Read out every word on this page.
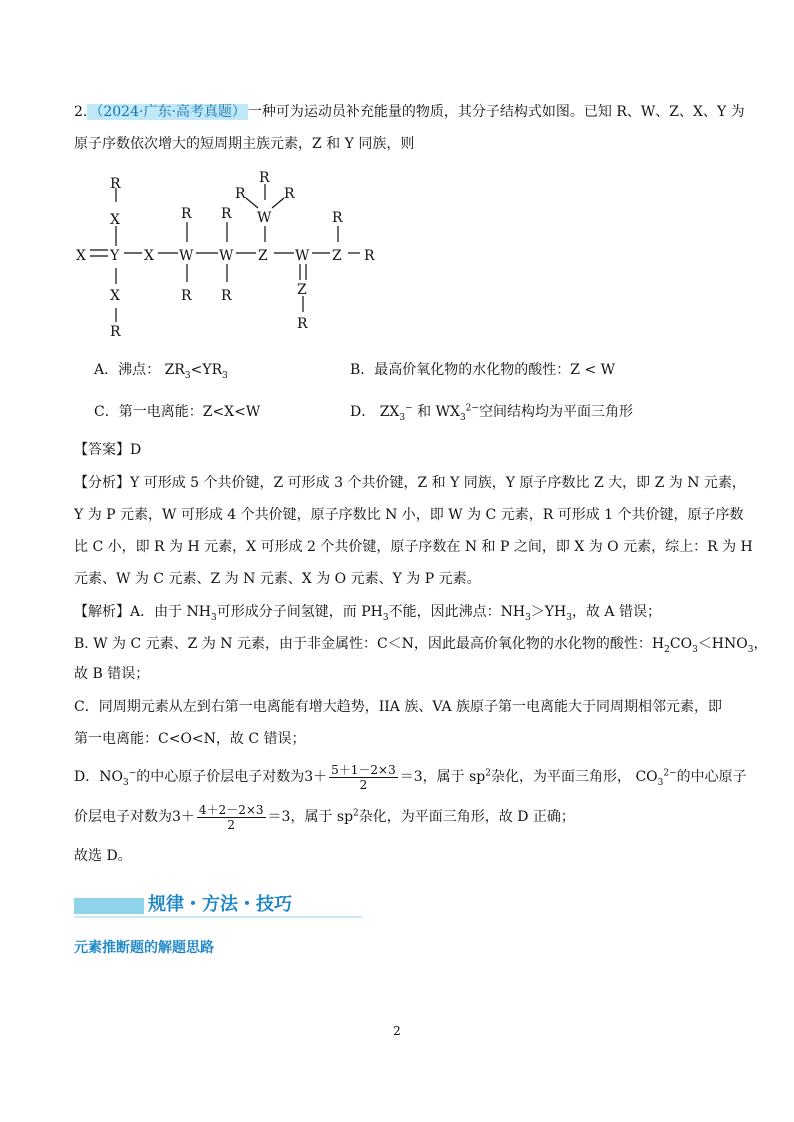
2. （2024·广东·高考真题） 一种可为运动员补充能量的物质，其分子结构式如图。已知 R、W、Z、X、Y 为
原子序数依次增大的短周期主族元素，Z 和 Y 同族，则
R
X
Y
X
R
X	X
R
W
R
R
W
R
R
R	R
W
Z W
Z
R
Z
R
R
A．沸点： $ZR_3<YR_3$	B．最高价氧化物的水化物的酸性：Z < W
C．第一电离能：Z<X<W	D． $ZX_3^-$ 和 $WX_3^{2-}$空间结构均为平面三角形
【答案】D
【分析】Y 可形成 5 个共价键，Z 可形成 3 个共价键，Z 和 Y 同族，Y 原子序数比 Z 大，即 Z 为 N 元素，
Y 为 P 元素，W 可形成 4 个共价键，原子序数比 N 小，即 W 为 C 元素，R 可形成 1 个共价键，原子序数
比 C 小，即 R 为 H 元素，X 可形成 2 个共价键，原子序数在 N 和 P 之间，即 X 为 O 元素，综上：R 为 H
元素、W 为 C 元素、Z 为 N 元素、X 为 O 元素、Y 为 P 元素。
【解析】A．由于 $NH_3$可形成分子间氢键，而 $PH_3$不能，因此沸点：$NH_3>YH_3$，故 A 错误；
B. W 为 C 元素、Z 为 N 元素，由于非金属性：C＜N，因此最高价氧化物的水化物的酸性：$H_2CO_3<HNO_3$，
故 B 错误；
C．同周期元素从左到右第一电离能有增大趋势，IIA 族、VA 族原子第一电离能大于同周期相邻元素，即
第一电离能：C<O<N，故 C 错误；
D．$NO_3^-$的中心原子价层电子对数为$3+ \frac{5+1-2\times 3}{2} =3$，属于 $sp^2$杂化，为平面三角形， $CO_3^{2-}$的中心原子
价层电子对数为$3+ \frac{4+2-2\times 3}{2} =3$，属于 $sp^2$杂化，为平面三角形，故 D 正确；
故选 D。
规律・方法・技巧
元素推断题的解题思路
2
